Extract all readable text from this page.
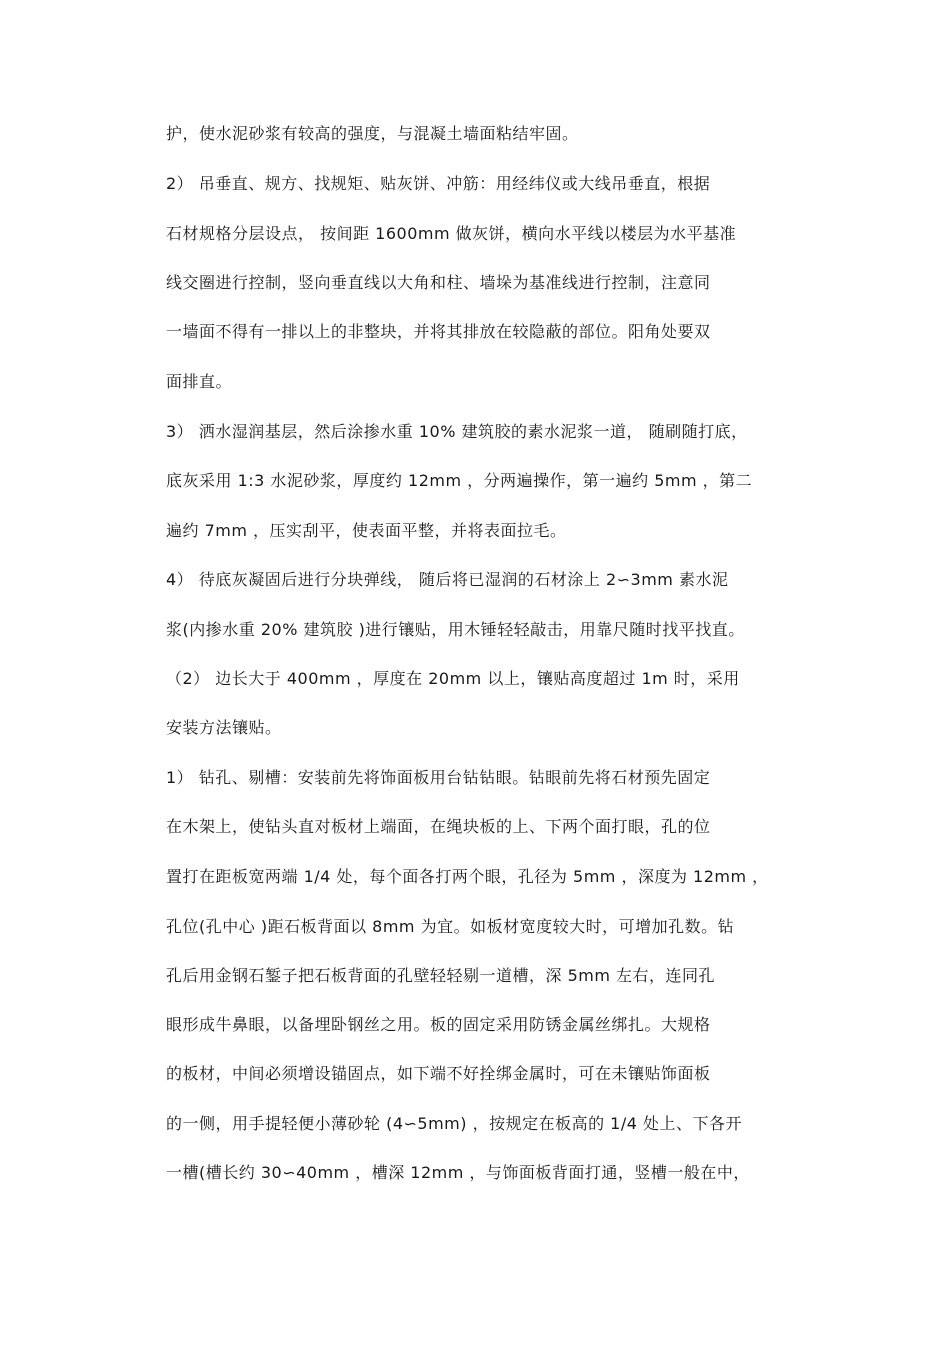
护，使水泥砂浆有较高的强度，与混凝土墙面粘结牢固。
2） 吊垂直、规方、找规矩、贴灰饼、冲筋：用经纬仪或大线吊垂直，根据
石材规格分层设点， 按间距 1600mm 做灰饼，横向水平线以楼层为水平基准
线交圈进行控制，竖向垂直线以大角和柱、墙垛为基准线进行控制，注意同
一墙面不得有一排以上的非整块，并将其排放在较隐蔽的部位。阳角处要双
面排直。
3） 洒水湿润基层，然后涂掺水重 10% 建筑胶的素水泥浆一道， 随刷随打底，
底灰采用 1:3 水泥砂浆，厚度约 12mm ，分两遍操作，第一遍约 5mm ，第二
遍约 7mm ，压实刮平，使表面平整，并将表面拉毛。
4） 待底灰凝固后进行分块弹线， 随后将已湿润的石材涂上 2∽3mm 素水泥
浆(内掺水重 20% 建筑胶 )进行镶贴，用木锤轻轻敲击，用靠尺随时找平找直。
（2） 边长大于 400mm ，厚度在 20mm 以上，镶贴高度超过 1m 时，采用
安装方法镶贴。
1） 钻孔、剔槽：安装前先将饰面板用台钻钻眼。钻眼前先将石材预先固定
在木架上，使钻头直对板材上端面，在绳块板的上、下两个面打眼，孔的位
置打在距板宽两端 1/4 处，每个面各打两个眼，孔径为 5mm ，深度为 12mm ，
孔位(孔中心 )距石板背面以 8mm 为宜。如板材宽度较大时，可增加孔数。钻
孔后用金钢石錾子把石板背面的孔壁轻轻剔一道槽，深 5mm 左右，连同孔
眼形成牛鼻眼，以备埋卧钢丝之用。板的固定采用防锈金属丝绑扎。大规格
的板材，中间必须增设锚固点，如下端不好拴绑金属时，可在未镶贴饰面板
的一侧，用手提轻便小薄砂轮 (4∽5mm) ，按规定在板高的 1/4 处上、下各开
一槽(槽长约 30∽40mm ，槽深 12mm ，与饰面板背面打通，竖槽一般在中，
